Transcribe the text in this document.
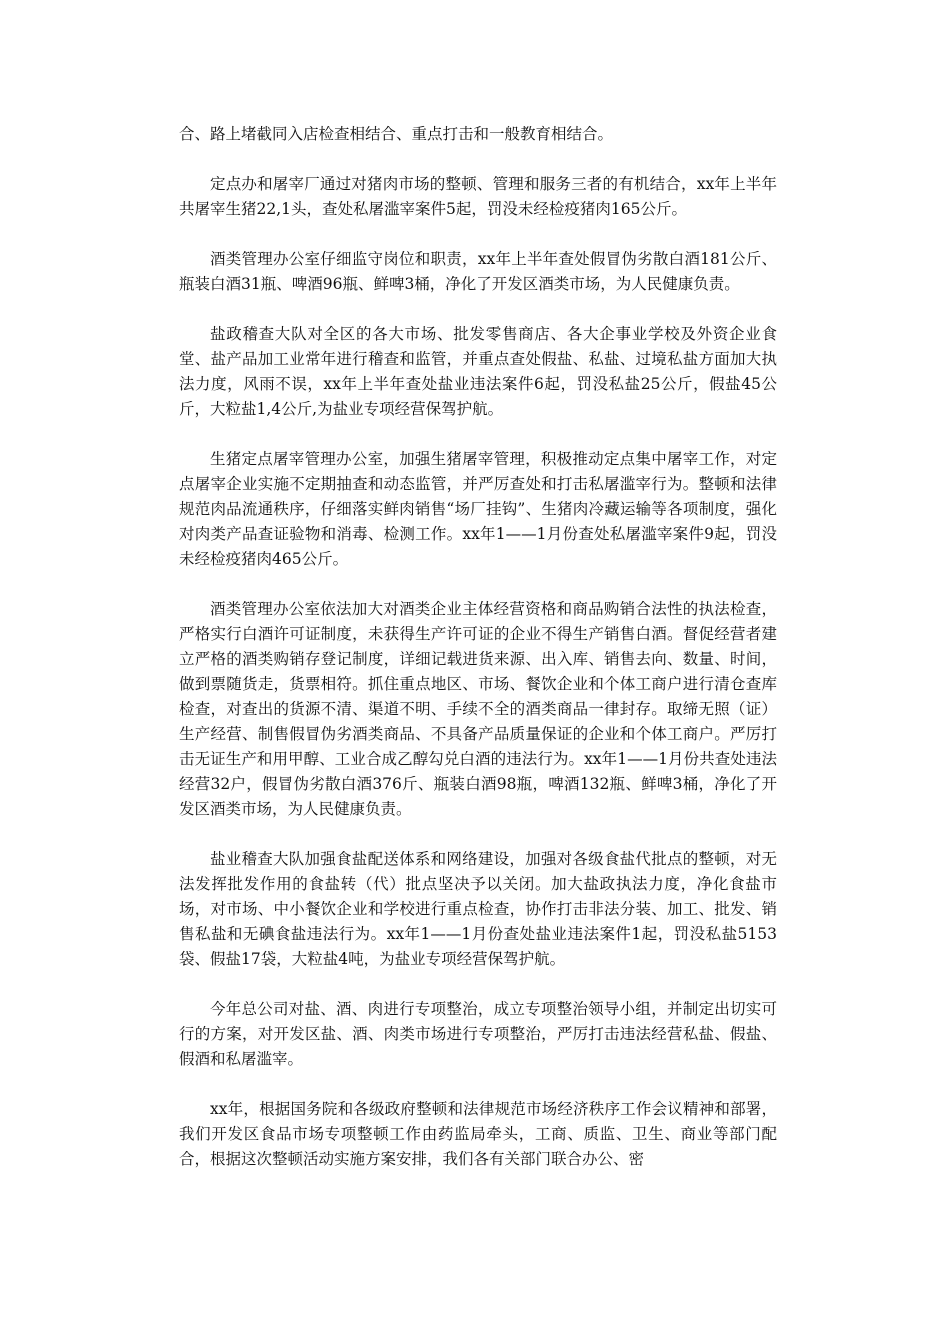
合、路上堵截同入店检查相结合、重点打击和一般教育相结合。

定点办和屠宰厂通过对猪肉市场的整顿、管理和服务三者的有机结合，xx年上半年共屠宰生猪22,1头，查处私屠滥宰案件5起，罚没未经检疫猪肉165公斤。

酒类管理办公室仔细监守岗位和职责，xx年上半年查处假冒伪劣散白酒181公斤、瓶装白酒31瓶、啤酒96瓶、鲜啤3桶，净化了开发区酒类市场，为人民健康负责。

盐政稽查大队对全区的各大市场、批发零售商店、各大企事业学校及外资企业食堂、盐产品加工业常年进行稽查和监管，并重点查处假盐、私盐、过境私盐方面加大执法力度，风雨不误，xx年上半年查处盐业违法案件6起，罚没私盐25公斤，假盐45公斤，大粒盐1,4公斤,为盐业专项经营保驾护航。

生猪定点屠宰管理办公室，加强生猪屠宰管理，积极推动定点集中屠宰工作，对定点屠宰企业实施不定期抽查和动态监管，并严厉查处和打击私屠滥宰行为。整顿和法律规范肉品流通秩序，仔细落实鲜肉销售“场厂挂钩”、生猪肉冷藏运输等各项制度，强化对肉类产品查证验物和消毒、检测工作。xx年1——1月份查处私屠滥宰案件9起，罚没未经检疫猪肉465公斤。

酒类管理办公室依法加大对酒类企业主体经营资格和商品购销合法性的执法检查，严格实行白酒许可证制度，未获得生产许可证的企业不得生产销售白酒。督促经营者建立严格的酒类购销存登记制度，详细记载进货来源、出入库、销售去向、数量、时间，做到票随货走，货票相符。抓住重点地区、市场、餐饮企业和个体工商户进行清仓查库检查，对查出的货源不清、渠道不明、手续不全的酒类商品一律封存。取缔无照（证）生产经营、制售假冒伪劣酒类商品、不具备产品质量保证的企业和个体工商户。严厉打击无证生产和用甲醇、工业合成乙醇勾兑白酒的违法行为。xx年1——1月份共查处违法经营32户，假冒伪劣散白酒376斤、瓶装白酒98瓶，啤酒132瓶、鲜啤3桶，净化了开发区酒类市场，为人民健康负责。

盐业稽查大队加强食盐配送体系和网络建设，加强对各级食盐代批点的整顿，对无法发挥批发作用的食盐转（代）批点坚决予以关闭。加大盐政执法力度，净化食盐市场，对市场、中小餐饮企业和学校进行重点检查，协作打击非法分装、加工、批发、销售私盐和无碘食盐违法行为。xx年1——1月份查处盐业违法案件1起，罚没私盐5153袋、假盐17袋，大粒盐4吨，为盐业专项经营保驾护航。

今年总公司对盐、酒、肉进行专项整治，成立专项整治领导小组，并制定出切实可行的方案，对开发区盐、酒、肉类市场进行专项整治，严厉打击违法经营私盐、假盐、假酒和私屠滥宰。

xx年，根据国务院和各级政府整顿和法律规范市场经济秩序工作会议精神和部署，我们开发区食品市场专项整顿工作由药监局牵头，工商、质监、卫生、商业等部门配合，根据这次整顿活动实施方案安排，我们各有关部门联合办公、密
